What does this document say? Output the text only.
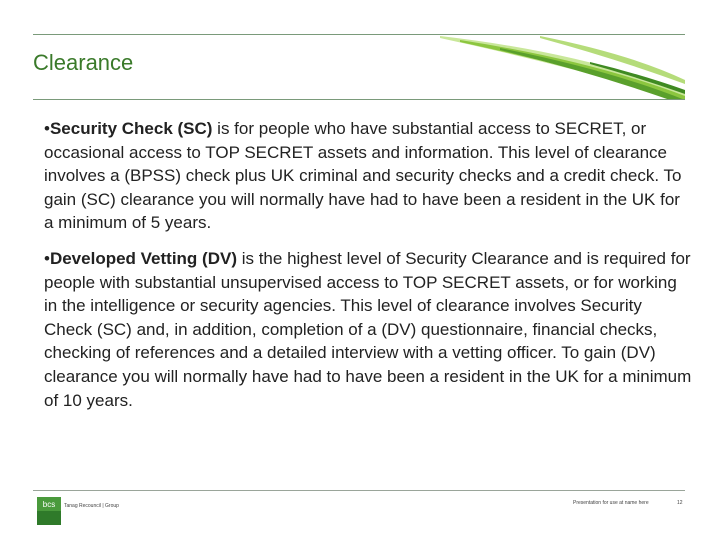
Clearance

•Security Check (SC) is for people who have substantial access to SECRET, or occasional access to TOP SECRET assets and information. This level of clearance involves a (BPSS) check plus UK criminal and security checks and a credit check. To gain (SC) clearance you will normally have had to have been a resident in the UK for a minimum of 5 years.

•Developed Vetting (DV) is the highest level of Security Clearance and is required for people with substantial unsupervised access to TOP SECRET assets, or for working in the intelligence or security agencies. This level of clearance involves Security Check (SC) and, in addition, completion of a (DV) questionnaire, financial checks, checking of references and a detailed interview with a vetting officer. To gain (DV) clearance you will normally have had to have been a resident in the UK for a minimum of 10 years.

bcs Tanag Recouncil | Group	Presentation for use at name here	12
